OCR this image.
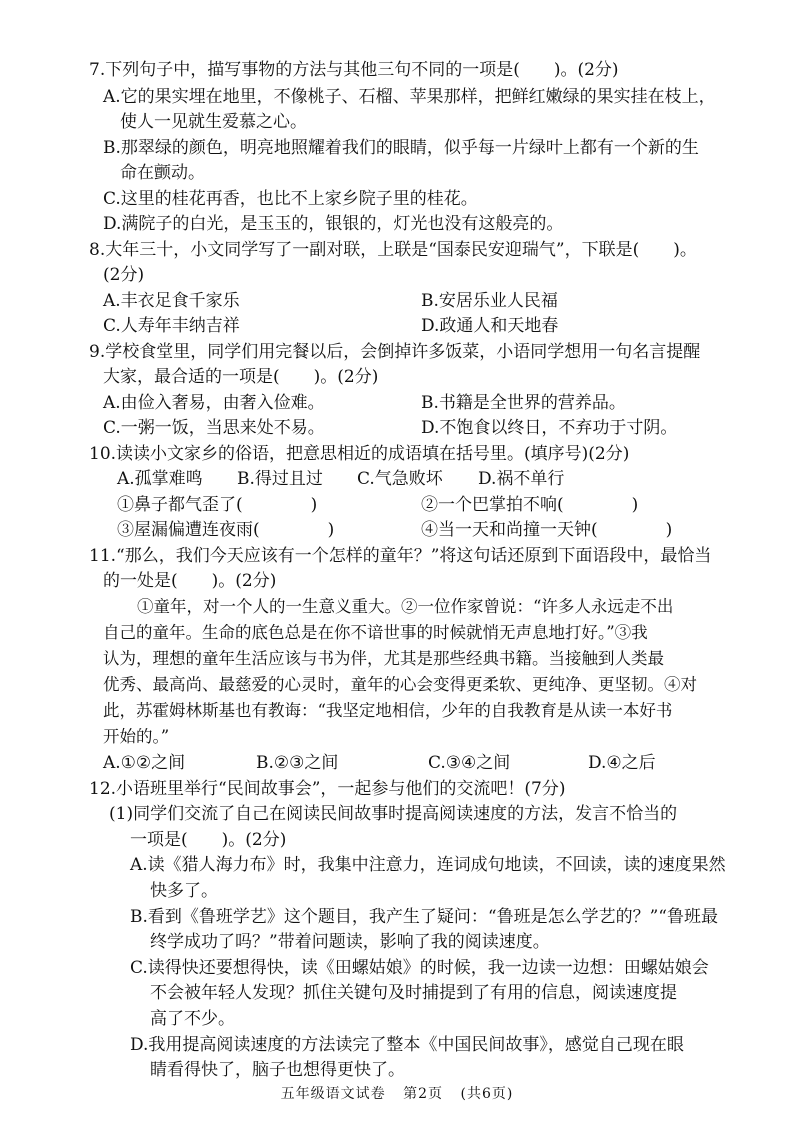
7.下列句子中，描写事物的方法与其他三句不同的一项是(　　)。(2分)
A.它的果实埋在地里，不像桃子、石榴、苹果那样，把鲜红嫩绿的果实挂在枝上，
使人一见就生爱慕之心。
B.那翠绿的颜色，明亮地照耀着我们的眼睛，似乎每一片绿叶上都有一个新的生
命在颤动。
C.这里的桂花再香，也比不上家乡院子里的桂花。
D.满院子的白光，是玉玉的，银银的，灯光也没有这般亮的。
8.大年三十，小文同学写了一副对联，上联是“国泰民安迎瑞气”，下联是(　　)。
(2分)
A.丰衣足食千家乐	B.安居乐业人民福
C.人寿年丰纳吉祥	D.政通人和天地春
9.学校食堂里，同学们用完餐以后，会倒掉许多饭菜，小语同学想用一句名言提醒
大家，最合适的一项是(　　)。(2分)
A.由俭入奢易，由奢入俭难。	B.书籍是全世界的营养品。
C.一粥一饭，当思来处不易。	D.不饱食以终日，不弃功于寸阴。
10.读读小文家乡的俗语，把意思相近的成语填在括号里。(填序号)(2分)
A.孤掌难鸣 B.得过且过 C.气急败坏 D.祸不单行
①鼻子都气歪了(　　　　)	②一个巴掌拍不响(　　　　)
③屋漏偏遭连夜雨(　　　　)	④当一天和尚撞一天钟(　　　　)
11.“那么，我们今天应该有一个怎样的童年？”将这句话还原到下面语段中，最恰当
的一处是(　　)。(2分)
①童年，对一个人的一生意义重大。②一位作家曾说：“许多人永远走不出
自己的童年。生命的底色总是在你不谙世事的时候就悄无声息地打好。”③我
认为，理想的童年生活应该与书为伴，尤其是那些经典书籍。当接触到人类最
优秀、最高尚、最慈爱的心灵时，童年的心会变得更柔软、更纯净、更坚韧。④对
此，苏霍姆林斯基也有教诲：“我坚定地相信，少年的自我教育是从读一本好书
开始的。”
A.①②之间	B.②③之间	C.③④之间	D.④之后
12.小语班里举行“民间故事会”，一起参与他们的交流吧！(7分)
(1)同学们交流了自己在阅读民间故事时提高阅读速度的方法，发言不恰当的
一项是(　　)。(2分)
A.读《猎人海力布》时，我集中注意力，连词成句地读，不回读，读的速度果然
快多了。
B.看到《鲁班学艺》这个题目，我产生了疑问：“鲁班是怎么学艺的？”“鲁班最
终学成功了吗？”带着问题读，影响了我的阅读速度。
C.读得快还要想得快，读《田螺姑娘》的时候，我一边读一边想：田螺姑娘会
不会被年轻人发现？抓住关键句及时捕提到了有用的信息，阅读速度提
高了不少。
D.我用提高阅读速度的方法读完了整本《中国民间故事》，感觉自己现在眼
睛看得快了，脑子也想得更快了。
五年级语文试卷 第2页 (共6页)
